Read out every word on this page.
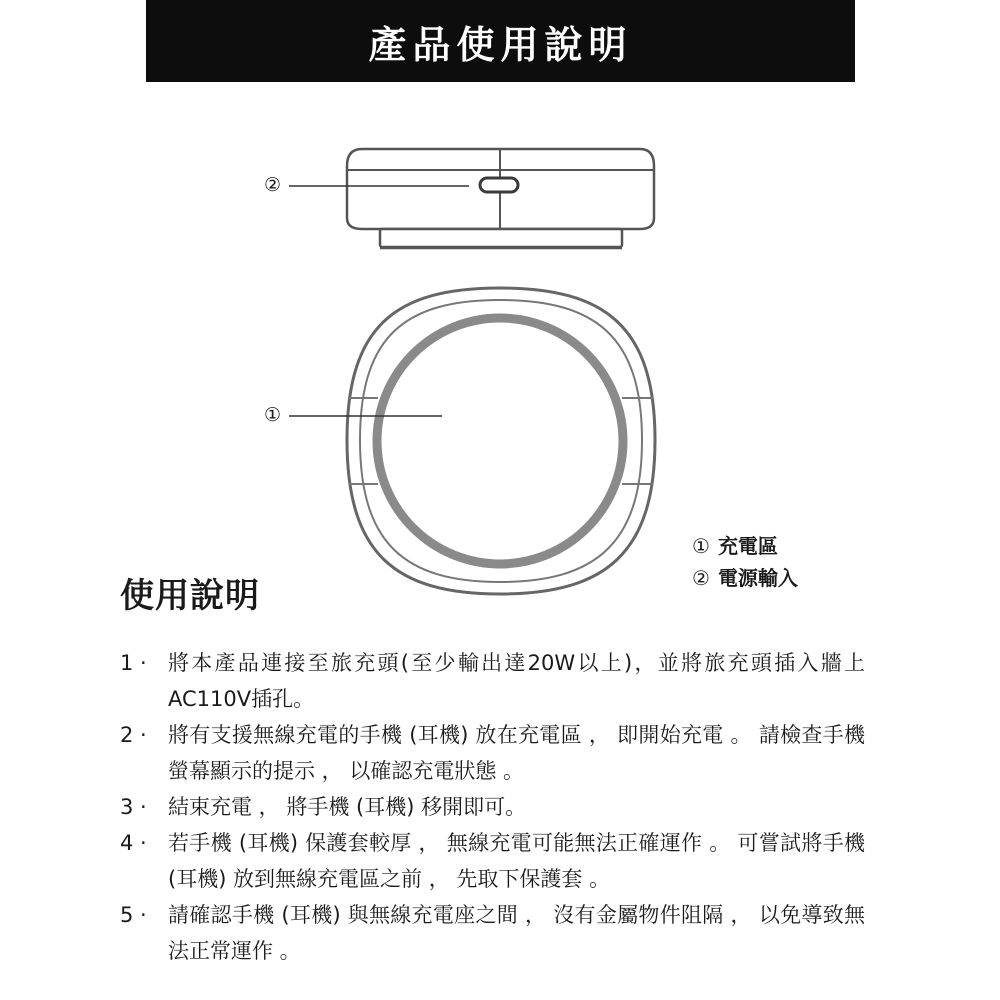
產品使用說明
②
①
① 充電區
② 電源輸入
使用說明
1 ·	將本產品連接至旅充頭(至少輸出達20W以上)，並將旅充頭插入牆上AC110V插孔。
2 ·	將有支援無線充電的手機 (耳機) 放在充電區 ， 即開始充電 。 請檢查手機螢幕顯示的提示 ， 以確認充電狀態 。
3 ·	結束充電 ， 將手機 (耳機) 移開即可。
4 ·	若手機 (耳機) 保護套較厚 ， 無線充電可能無法正確運作 。 可嘗試將手機 (耳機) 放到無線充電區之前 ， 先取下保護套 。
5 ·	請確認手機 (耳機) 與無線充電座之間 ， 沒有金屬物件阻隔 ， 以免導致無法正常運作 。
